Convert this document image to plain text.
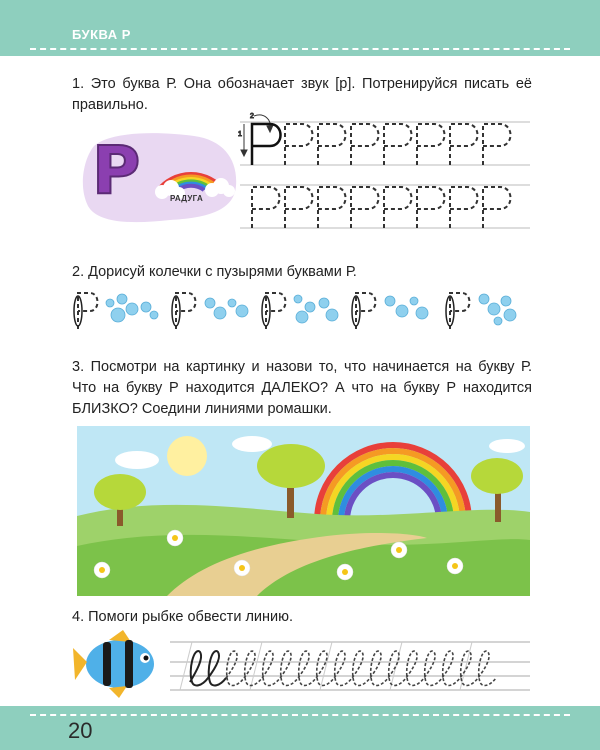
БУКВА Р
1. Это буква Р. Она обозначает звук [р]. Потренируйся писать её правильно.
Р	РАДУГА
1
2
2. Дорисуй колечки с пузырями буквами Р.
3. Посмотри на картинку и назови то, что начинается на букву Р. Что на букву Р находится ДАЛЕКО? А что на букву Р находится БЛИЗКО? Соедини линиями ромашки.
4. Помоги рыбке обвести линию.
20
